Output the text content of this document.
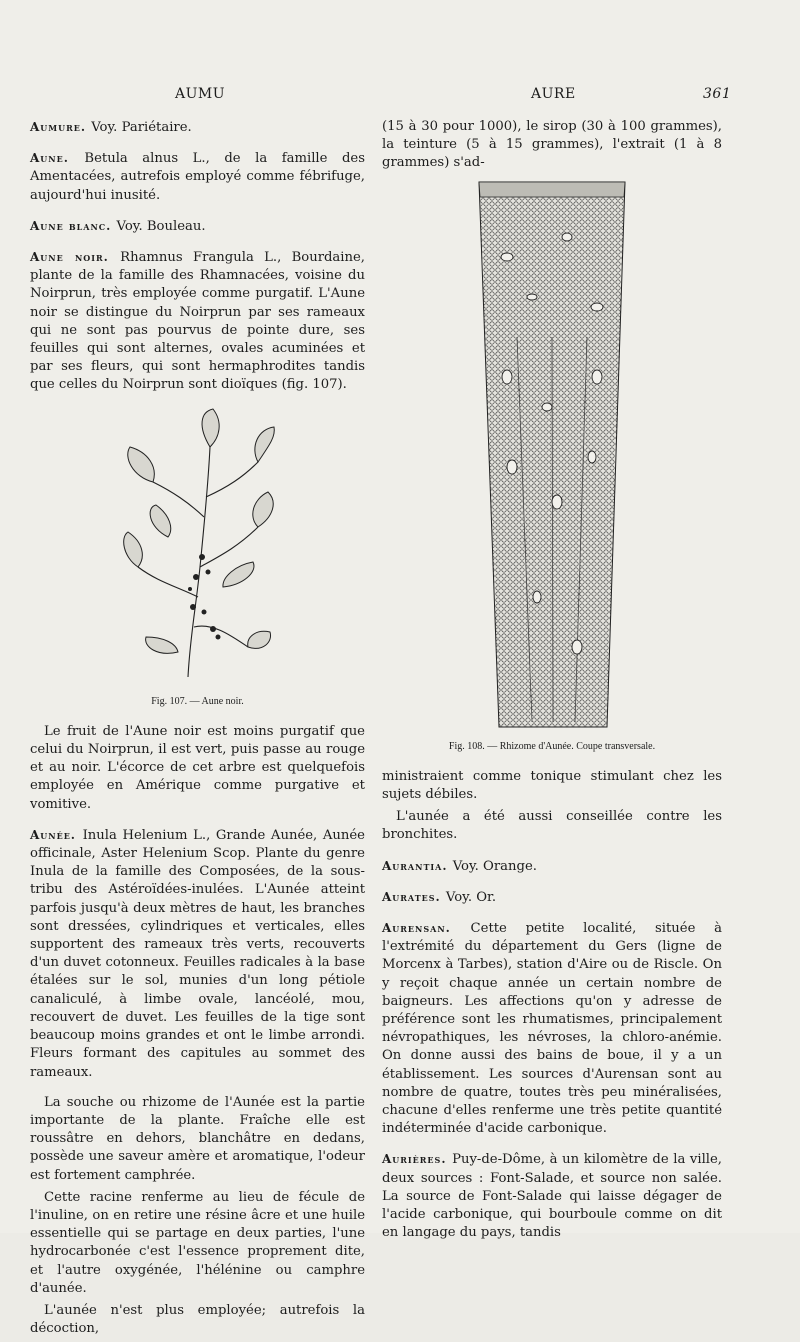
AUMU	AURE	361

Aumure . Voy. Pariétaire.

Aune . Betula alnus L., de la famille des Amentacées, autrefois employé comme fébrifuge, aujourd'hui inusité.

Aune blanc . Voy. Bouleau.

Aune noir . Rhamnus Frangula L., Bourdaine, plante de la famille des Rhamnacées, voisine du Noirprun, très employée comme purgatif. L'Aune noir se distingue du Noirprun par ses rameaux qui ne sont pas pourvus de pointe dure, ses feuilles qui sont alternes, ovales acuminées et par ses fleurs, qui sont hermaphrodites tandis que celles du Noirprun sont dioïques (fig. 107).

Fig. 107. — Aune noir.

Le fruit de l'Aune noir est moins purgatif que celui du Noirprun, il est vert, puis passe au rouge et au noir. L'écorce de cet arbre est quelquefois employée en Amérique comme purgative et vomitive.

Aunée . Inula Helenium L., Grande Aunée, Aunée officinale, Aster Helenium Scop. Plante du genre Inula de la famille des Composées, de la sous-tribu des Astéroïdées-inulées. L'Aunée atteint parfois jusqu'à deux mètres de haut, les branches sont dressées, cylindriques et verticales, elles supportent des rameaux très verts, recouverts d'un duvet cotonneux. Feuilles radicales à la base étalées sur le sol, munies d'un long pétiole canaliculé, à limbe ovale, lancéolé, mou, recouvert de duvet. Les feuilles de la tige sont beaucoup moins grandes et ont le limbe arrondi. Fleurs formant des capitules au sommet des rameaux.

La souche ou rhizome de l'Aunée est la partie importante de la plante. Fraîche elle est roussâtre en dehors, blanchâtre en dedans, possède une saveur amère et aromatique, l'odeur est fortement camphrée.

Cette racine renferme au lieu de fécule de l'inuline, on en retire une résine âcre et une huile essentielle qui se partage en deux parties, l'une hydrocarbonée c'est l'essence proprement dite, et l'autre oxygénée, l'hélénine ou camphre d'aunée.

L'aunée n'est plus employée; autrefois la décoction,

(15 à 30 pour 1000), le sirop (30 à 100 grammes), la teinture (5 à 15 grammes), l'extrait (1 à 8 grammes) s'ad-

Fig. 108. — Rhizome d'Aunée. Coupe transversale.

ministraient comme tonique stimulant chez les sujets débiles.

L'aunée a été aussi conseillée contre les bronchites.

Aurantia . Voy. Orange.

Aurates . Voy. Or.

Aurensan . Cette petite localité, située à l'extrémité du département du Gers (ligne de Morcenx à Tarbes), station d'Aire ou de Riscle. On y reçoit chaque année un certain nombre de baigneurs. Les affections qu'on y adresse de préférence sont les rhumatismes, principalement névropathiques, les névroses, la chloro-anémie. On donne aussi des bains de boue, il y a un établissement. Les sources d'Aurensan sont au nombre de quatre, toutes très peu minéralisées, chacune d'elles renferme une très petite quantité indéterminée d'acide carbonique.

Aurières . Puy-de-Dôme, à un kilomètre de la ville, deux sources : Font-Salade, et source non salée. La source de Font-Salade qui laisse dégager de l'acide carbonique, qui bourboule comme on dit en langage du pays, tandis
